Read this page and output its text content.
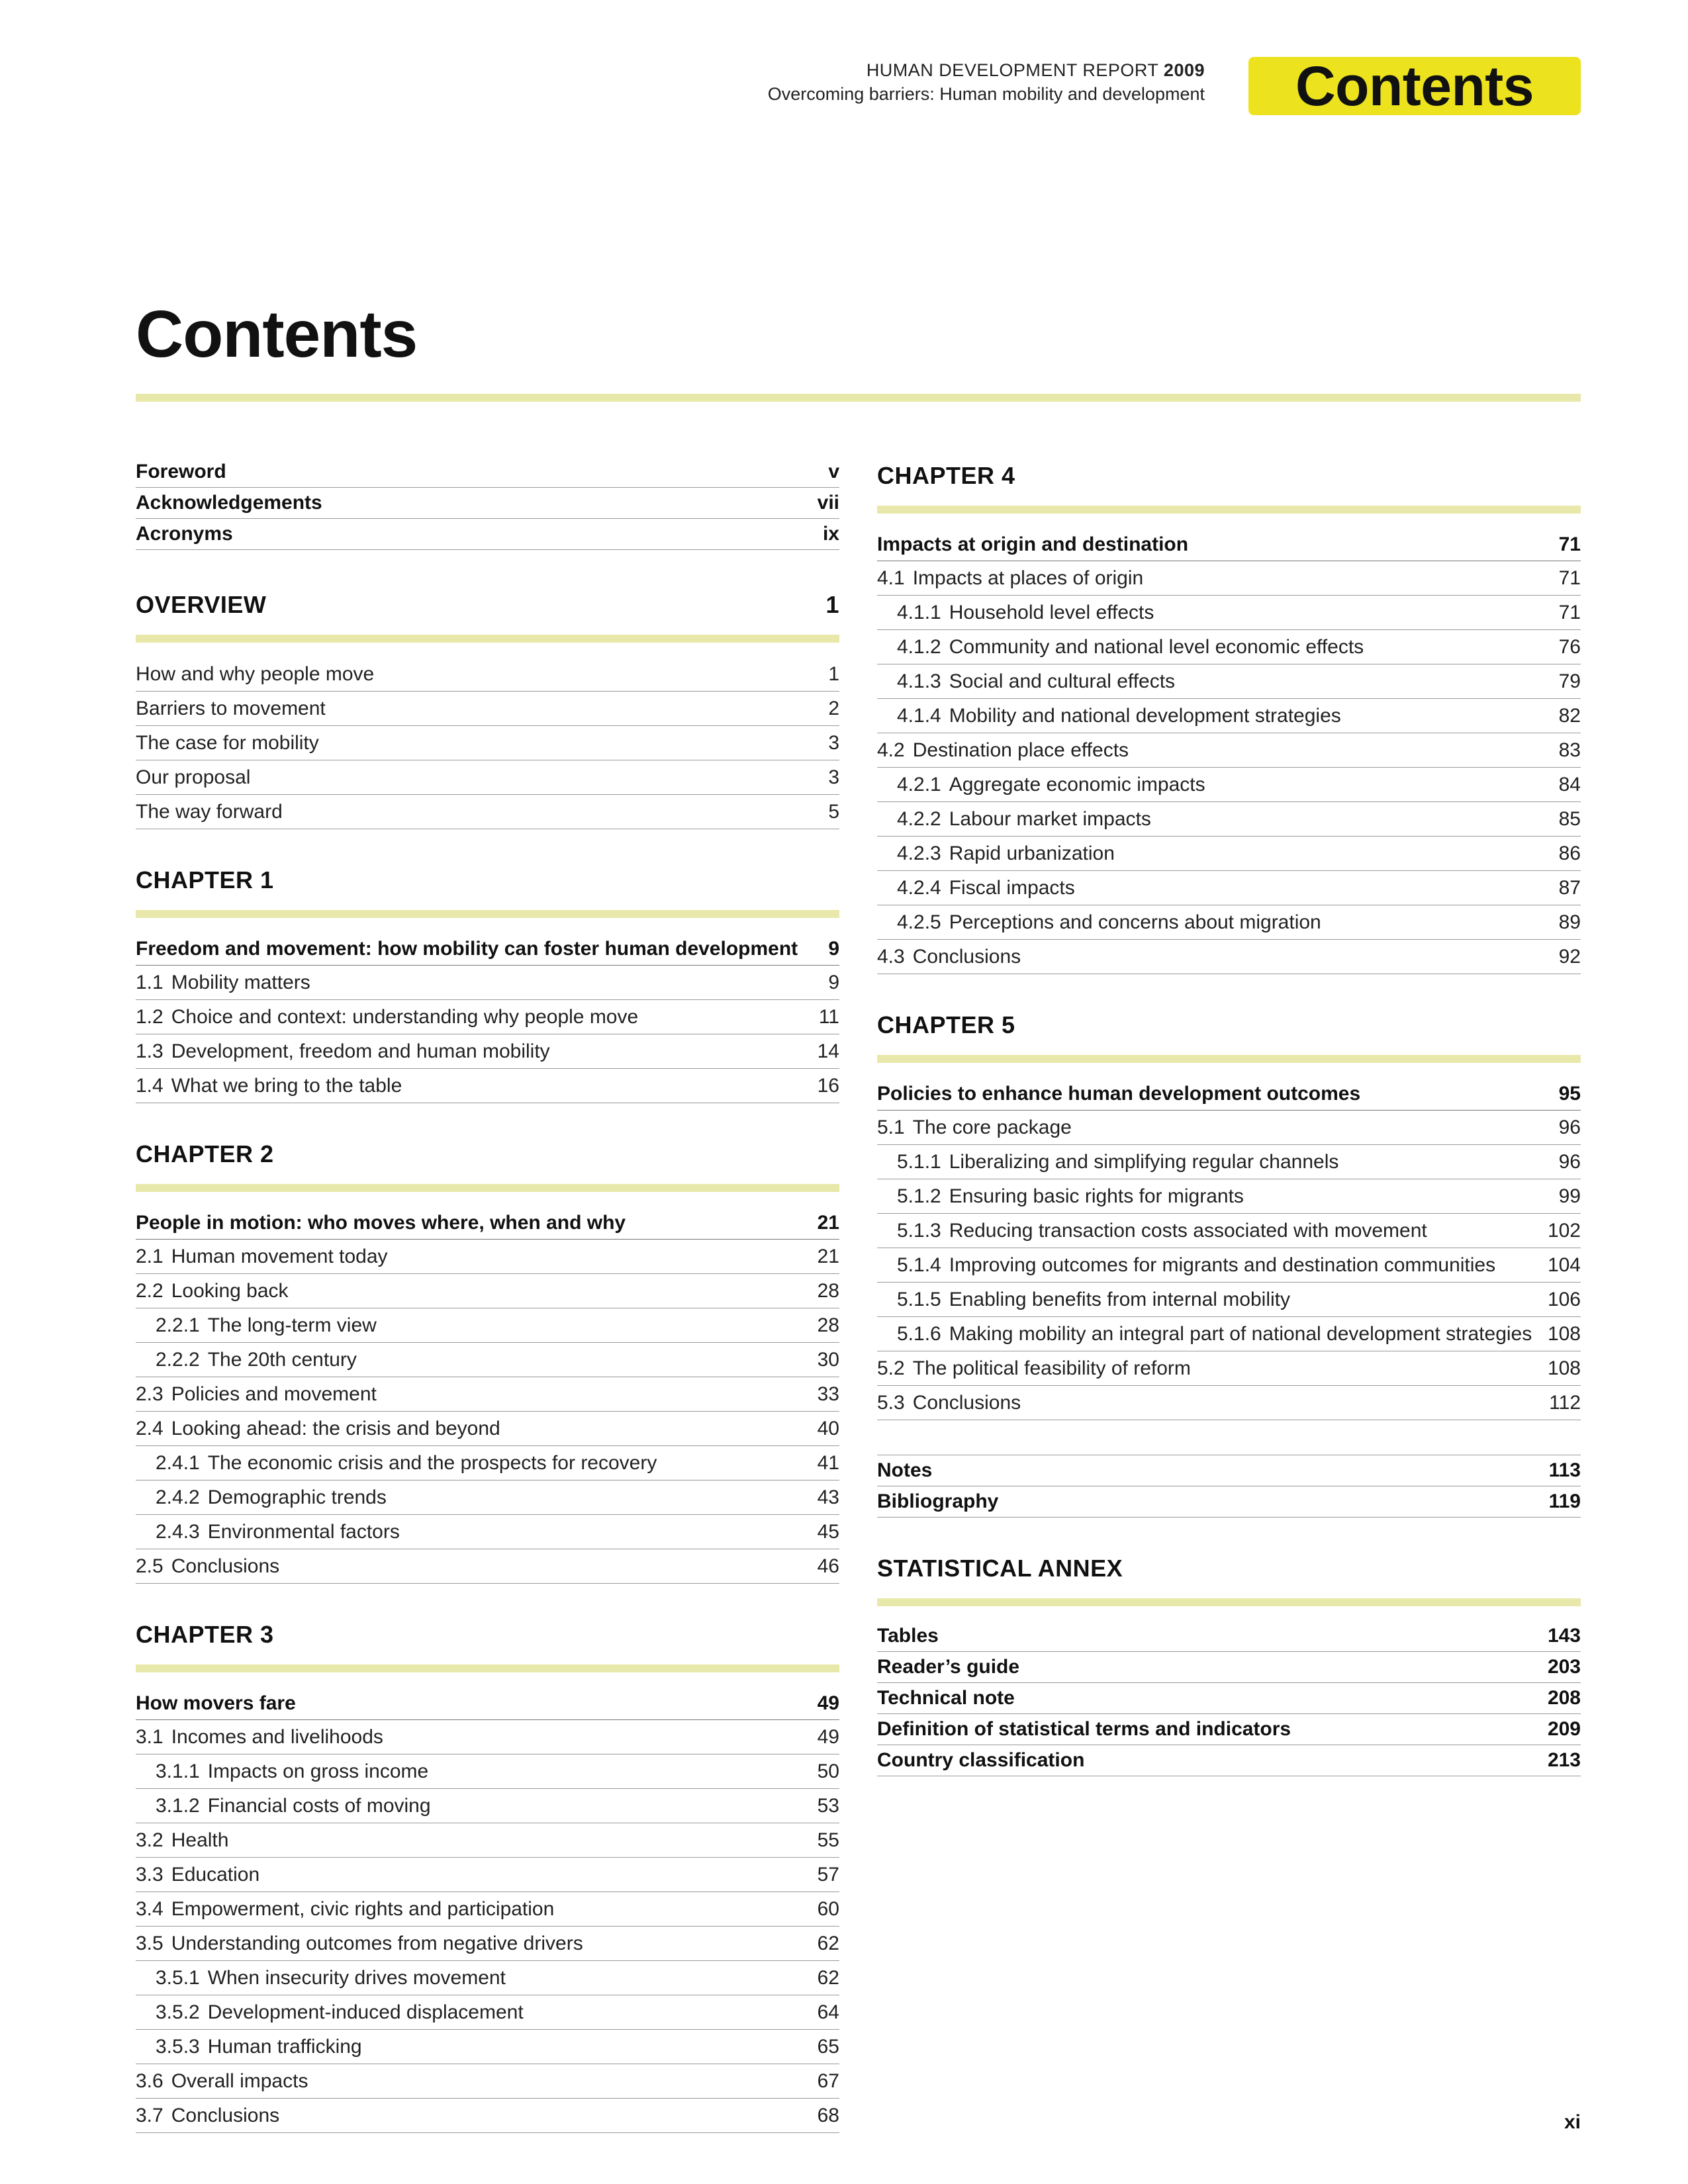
HUMAN DEVELOPMENT REPORT 2009
Overcoming barriers: Human mobility and development	Contents
Contents
Foreword	v
Acknowledgements	vii
Acronyms	ix
OVERVIEW	1
How and why people move	1
Barriers to movement	2
The case for mobility	3
Our proposal	3
The way forward	5
CHAPTER 1
Freedom and movement: how mobility can foster human development 9
1.1 Mobility matters	9
1.2 Choice and context: understanding why people move	11
1.3 Development, freedom and human mobility	14
1.4 What we bring to the table	16
CHAPTER 2
People in motion: who moves where, when and why	21
2.1 Human movement today	21
2.2 Looking back	28
2.2.1 The long-term view	28
2.2.2 The 20th century	30
2.3 Policies and movement	33
2.4 Looking ahead: the crisis and beyond	40
2.4.1 The economic crisis and the prospects for recovery	41
2.4.2 Demographic trends	43
2.4.3 Environmental factors	45
2.5 Conclusions	46
CHAPTER 3
How movers fare	49
3.1 Incomes and livelihoods	49
3.1.1 Impacts on gross income	50
3.1.2 Financial costs of moving	53
3.2 Health	55
3.3 Education	57
3.4 Empowerment, civic rights and participation	60
3.5 Understanding outcomes from negative drivers	62
3.5.1 When insecurity drives movement	62
3.5.2 Development-induced displacement	64
3.5.3 Human trafficking	65
3.6 Overall impacts	67
3.7 Conclusions	68
CHAPTER 4
Impacts at origin and destination	71
4.1 Impacts at places of origin	71
4.1.1 Household level effects	71
4.1.2 Community and national level economic effects	76
4.1.3 Social and cultural effects	79
4.1.4 Mobility and national development strategies	82
4.2 Destination place effects	83
4.2.1 Aggregate economic impacts	84
4.2.2 Labour market impacts	85
4.2.3 Rapid urbanization	86
4.2.4 Fiscal impacts	87
4.2.5 Perceptions and concerns about migration	89
4.3 Conclusions	92
CHAPTER 5
Policies to enhance human development outcomes	95
5.1 The core package	96
5.1.1 Liberalizing and simplifying regular channels	96
5.1.2 Ensuring basic rights for migrants	99
5.1.3 Reducing transaction costs associated with movement	102
5.1.4 Improving outcomes for migrants and destination communities	104
5.1.5 Enabling benefits from internal mobility	106
5.1.6 Making mobility an integral part of national development strategies 108
5.2 The political feasibility of reform	108
5.3 Conclusions	112
Notes	113
Bibliography	119
STATISTICAL ANNEX
Tables	143
Reader’s guide	203
Technical note	208
Definition of statistical terms and indicators	209
Country classification	213
xi
